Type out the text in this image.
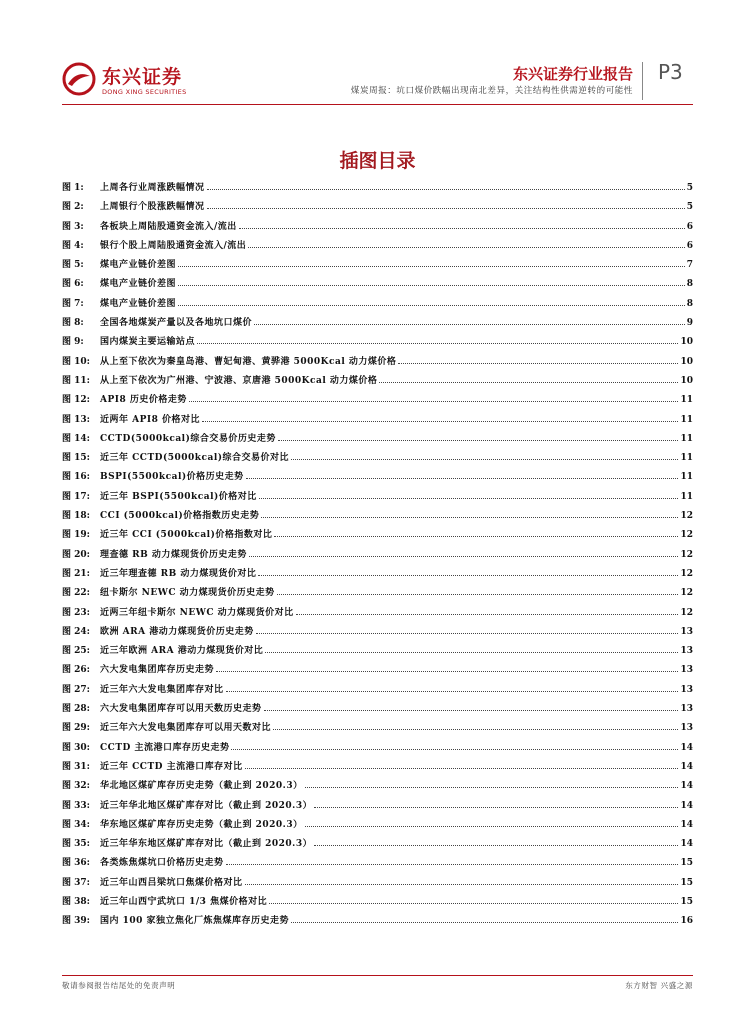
东兴证券
DONG XING SECURITIES
东兴证券行业报告
煤炭周报：坑口煤价跌幅出现南北差异，关注结构性供需逆转的可能性
P3
插图目录
图 1:	上周各行业周涨跌幅情况	5
图 2:	上周银行个股涨跌幅情况	5
图 3:	各板块上周陆股通资金流入/流出	6
图 4:	银行个股上周陆股通资金流入/流出	6
图 5:	煤电产业链价差图	7
图 6:	煤电产业链价差图	8
图 7:	煤电产业链价差图	8
图 8:	全国各地煤炭产量以及各地坑口煤价	9
图 9:	国内煤炭主要运输站点	10
图 10:	从上至下依次为秦皇岛港、曹妃甸港、黄骅港 5000Kcal 动力煤价格	10
图 11:	从上至下依次为广州港、宁波港、京唐港 5000Kcal 动力煤价格	10
图 12:	API8 历史价格走势	11
图 13:	近两年 API8 价格对比	11
图 14:	CCTD(5000kcal)综合交易价历史走势	11
图 15:	近三年 CCTD(5000kcal)综合交易价对比	11
图 16:	BSPI(5500kcal)价格历史走势	11
图 17:	近三年 BSPI(5500kcal)价格对比	11
图 18:	CCI (5000kcal)价格指数历史走势	12
图 19:	近三年 CCI (5000kcal)价格指数对比	12
图 20:	理查德 RB 动力煤现货价历史走势	12
图 21:	近三年理查德 RB 动力煤现货价对比	12
图 22:	纽卡斯尔 NEWC 动力煤现货价历史走势	12
图 23:	近两三年纽卡斯尔 NEWC 动力煤现货价对比	12
图 24:	欧洲 ARA 港动力煤现货价历史走势	13
图 25:	近三年欧洲 ARA 港动力煤现货价对比	13
图 26:	六大发电集团库存历史走势	13
图 27:	近三年六大发电集团库存对比	13
图 28:	六大发电集团库存可以用天数历史走势	13
图 29:	近三年六大发电集团库存可以用天数对比	13
图 30:	CCTD 主流港口库存历史走势	14
图 31:	近三年 CCTD 主流港口库存对比	14
图 32:	华北地区煤矿库存历史走势（截止到 2020.3）	14
图 33:	近三年华北地区煤矿库存对比（截止到 2020.3）	14
图 34:	华东地区煤矿库存历史走势（截止到 2020.3）	14
图 35:	近三年华东地区煤矿库存对比（截止到 2020.3）	14
图 36:	各类炼焦煤坑口价格历史走势	15
图 37:	近三年山西吕梁坑口焦煤价格对比	15
图 38:	近三年山西宁武坑口 1/3 焦煤价格对比	15
图 39:	国内 100 家独立焦化厂炼焦煤库存历史走势	16
敬请参阅报告结尾处的免责声明	东方财智 兴盛之源
